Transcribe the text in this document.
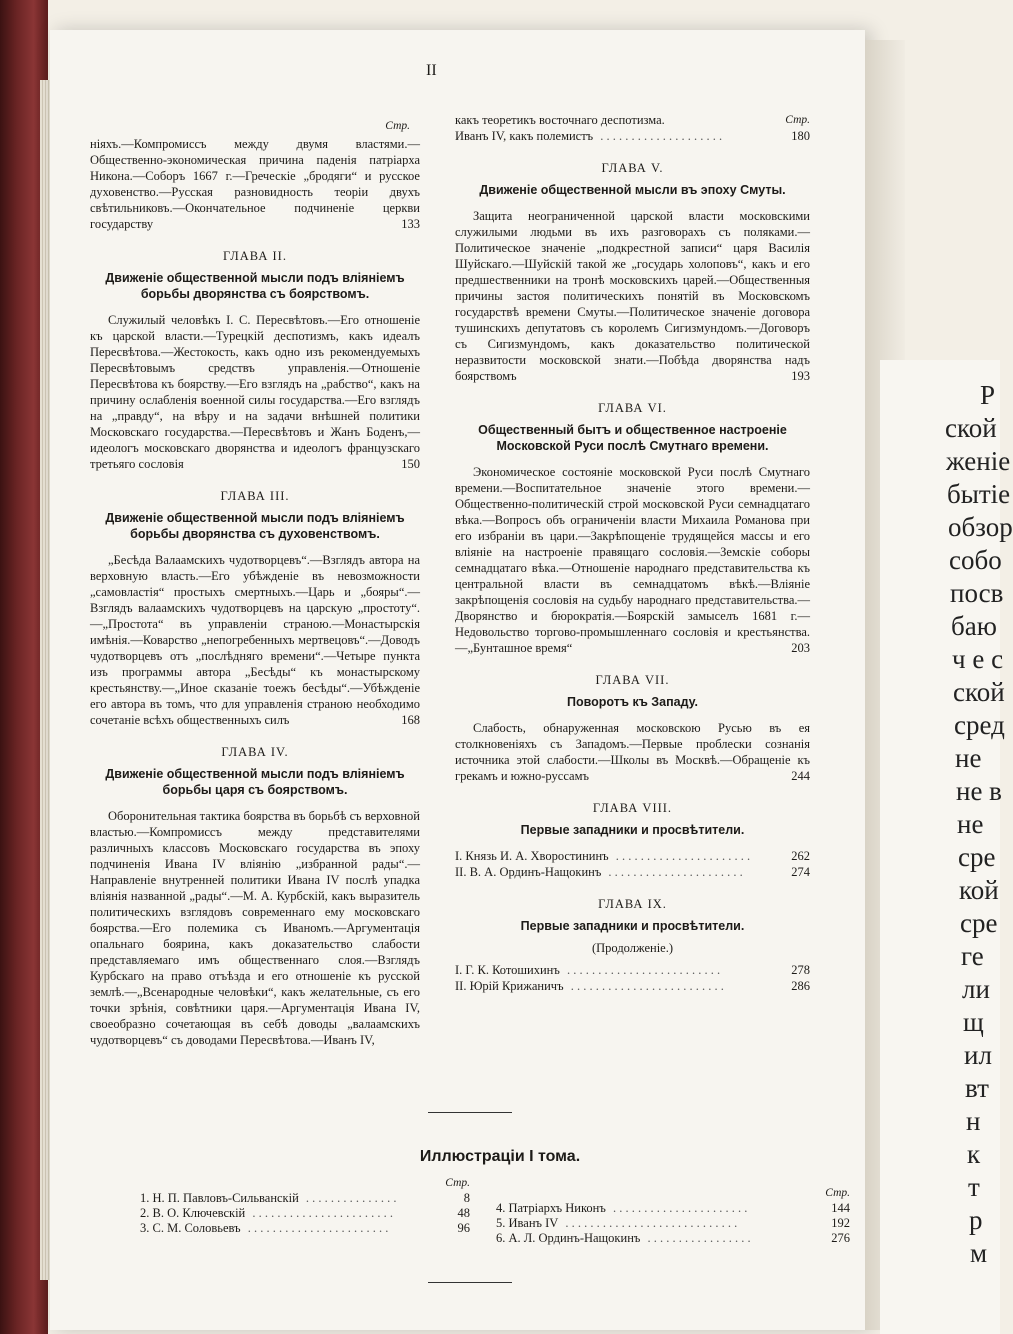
Р
ской
женіе
бытіе
обзор
собо
посв
баю
ч е с
ской
сред
не
не в
не
сре
кой
сре
ге
ли
щ
ил
вт
н
к
т
р
м
II
Стр.

ніяхъ.—Компромиссъ между двумя властями.—Общественно-экономическая причина паденія патріарха Никона.—Соборъ 1667 г.—Греческіе „бродяги“ и русское духовенство.—Русская разновидность теоріи двухъ свѣтильниковъ.—Окончательное подчиненіе церкви государству	133

ГЛАВА II.
Движеніе общественной мысли подъ вліяніемъ борьбы дворянства съ боярствомъ.

Служилый человѣкъ І. С. Пересвѣтовъ.—Его отношеніе къ царской власти.—Турецкій деспотизмъ, какъ идеалъ Пересвѣтова.—Жестокость, какъ одно изъ рекомендуемыхъ Пересвѣтовымъ средствъ управленія.—Отношеніе Пересвѣтова къ боярству.—Его взглядъ на „рабство“, какъ на причину ослабленія военной силы государства.—Его взглядъ на „правду“, на вѣру и на задачи внѣшней политики Московскаго государства.—Пересвѣтовъ и Жанъ Боденъ,—идеологъ московскаго дворянства и идеологъ французскаго третьяго сословія	150

ГЛАВА III.
Движеніе общественной мысли подъ вліяніемъ борьбы дворянства съ духовенствомъ.

„Бесѣда Валаамскихъ чудотворцевъ“.—Взглядъ автора на верховную власть.—Его убѣжденіе въ невозможности „самовластія“ простыхъ смертныхъ.—Царь и „бояры“.—Взглядъ валаамскихъ чудотворцевъ на царскую „простоту“.—„Простота“ въ управленіи страною.—Монастырскія имѣнія.—Коварство „непогребенныхъ мертвецовъ“.—Доводъ чудотворцевъ отъ „послѣдняго времени“.—Четыре пункта изъ программы автора „Бесѣды“ къ монастырскому крестьянству.—„Иное сказаніе тоежъ бесѣды“.—Убѣжденіе его автора въ томъ, что для управленія страною необходимо сочетаніе всѣхъ общественныхъ силъ	168

ГЛАВА IV.
Движеніе общественной мысли подъ вліяніемъ борьбы царя съ боярствомъ.

Оборонительная тактика боярства въ борьбѣ съ верховной властью.—Компромиссъ между представителями различныхъ классовъ Московскаго государства въ эпоху подчиненія Ивана IV вліянію „избранной рады“.—Направленіе внутренней политики Ивана IV послѣ упадка вліянія названной „рады“.—М. А. Курбскій, какъ выразитель политическихъ взглядовъ современнаго ему московскаго боярства.—Его полемика съ Иваномъ.—Аргументація опальнаго боярина, какъ доказательство слабости представляемаго имъ общественнаго слоя.—Взглядъ Курбскаго на право отъѣзда и его отношеніе къ русской землѣ.—„Всенародные человѣки“, какъ желательные, съ его точки зрѣнія, совѣтники царя.—Аргументація Ивана IV, своеобразно сочетающая въ себѣ доводы „валаамскихъ чудотворцевъ“ съ доводами Пересвѣтова.—Иванъ IV,

какъ теоретикъ восточнаго деспотизма.	Стр.
Иванъ IV, какъ полемистъ . . . . . . . . . . . . . . . . . . . .	180
ГЛАВА V.
Движеніе общественной мысли въ эпоху Смуты.

Защита неограниченной царской власти московскими служилыми людьми въ ихъ разговорахъ съ поляками.—Политическое значеніе „подкрестной записи“ царя Василія Шуйскаго.—Шуйскій такой же „государь холоповъ“, какъ и его предшественники на тронѣ московскихъ царей.—Общественныя причины застоя политическихъ понятій въ Московскомъ государствѣ времени Смуты.—Политическое значеніе договора тушинскихъ депутатовъ съ королемъ Сигизмундомъ.—Договоръ съ Сигизмундомъ, какъ доказательство политической неразвитости московской знати.—Побѣда дворянства надъ боярствомъ	193

ГЛАВА VI.
Общественный бытъ и общественное настроеніе Московской Руси послѣ Смутнаго времени.

Экономическое состояніе московской Руси послѣ Смутнаго времени.—Воспитательное значеніе этого времени.—Общественно-политическій строй московской Руси семнадцатаго вѣка.—Вопросъ объ ограниченіи власти Михаила Романова при его избраніи въ цари.—Закрѣпощеніе трудящейся массы и его вліяніе на настроеніе правящаго сословія.—Земскіе соборы семнадцатаго вѣка.—Отношеніе народнаго представительства къ центральной власти въ семнадцатомъ вѣкѣ.—Вліяніе закрѣпощенія сословія на судьбу народнаго представительства.—Дворянство и бюрократія.—Боярскій замыселъ 1681 г.—Недовольство торгово-промышленнаго сословія и крестьянства.—„Бунташное время“	203

ГЛАВА VII.
Поворотъ къ Западу.

Слабость, обнаруженная московскою Русью въ ея столкновеніяхъ съ Западомъ.—Первые проблески сознанія источника этой слабости.—Школы въ Москвѣ.—Обращеніе къ грекамъ и южно-руссамъ	244

ГЛАВА VIII.
Первые западники и просвѣтители.
I. Князь И. А. Хворостининъ . . . . . . . . . . . . . . . . . . . . . .	262
II. В. А. Ординъ-Нащокинъ . . . . . . . . . . . . . . . . . . . . . .	274
ГЛАВА IX.
Первые западники и просвѣтители.
(Продолженіе.)
I. Г. К. Котошихинъ . . . . . . . . . . . . . . . . . . . . . . . . .	278
II. Юрій Крижаничъ . . . . . . . . . . . . . . . . . . . . . . . . .	286
Иллюстраціи I тома.
Стр.

1. Н. П. Павловъ-Сильванскій . . . . . . . . . . . . . . .	8
2. В. О. Ключевскій . . . . . . . . . . . . . . . . . . . . . . .	48
3. С. М. Соловьевъ . . . . . . . . . . . . . . . . . . . . . . .	96
Стр.

4. Патріархъ Никонъ . . . . . . . . . . . . . . . . . . . . . .	144
5. Иванъ IV . . . . . . . . . . . . . . . . . . . . . . . . . . . .	192
6. А. Л. Ординъ-Нащокинъ . . . . . . . . . . . . . . . . .	276
